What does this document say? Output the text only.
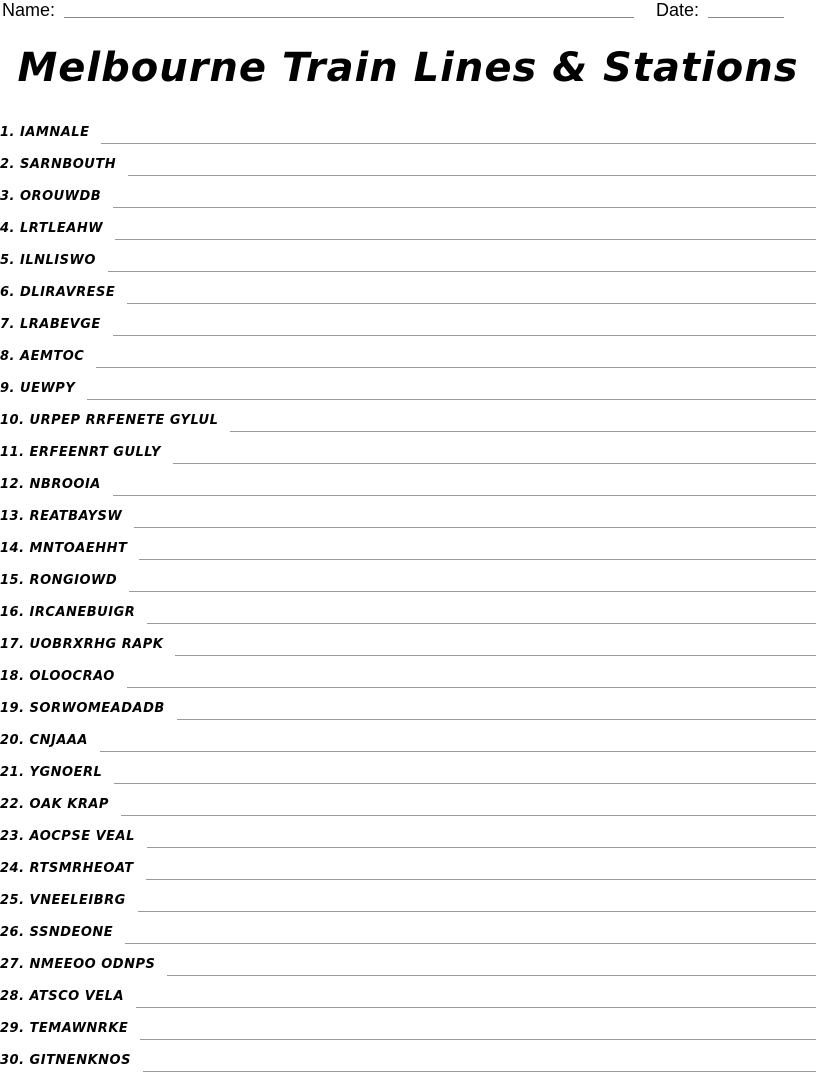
Name:	Date:
Melbourne Train Lines & Stations
1. IAMNALE
2. SARNBOUTH
3. OROUWDB
4. LRTLEAHW
5. ILNLISWO
6. DLIRAVRESE
7. LRABEVGE
8. AEMTOC
9. UEWPY
10. URPEP RRFENETE GYLUL
11. ERFEENRT GULLY
12. NBROOIA
13. REATBAYSW
14. MNTOAEHHT
15. RONGIOWD
16. IRCANEBUIGR
17. UOBRXRHG RAPK
18. OLOOCRAO
19. SORWOMEADADB
20. CNJAAA
21. YGNOERL
22. OAK KRAP
23. AOCPSE VEAL
24. RTSMRHEOAT
25. VNEELEIBRG
26. SSNDEONE
27. NMEEOO ODNPS
28. ATSCO VELA
29. TEMAWNRKE
30. GITNENKNOS
